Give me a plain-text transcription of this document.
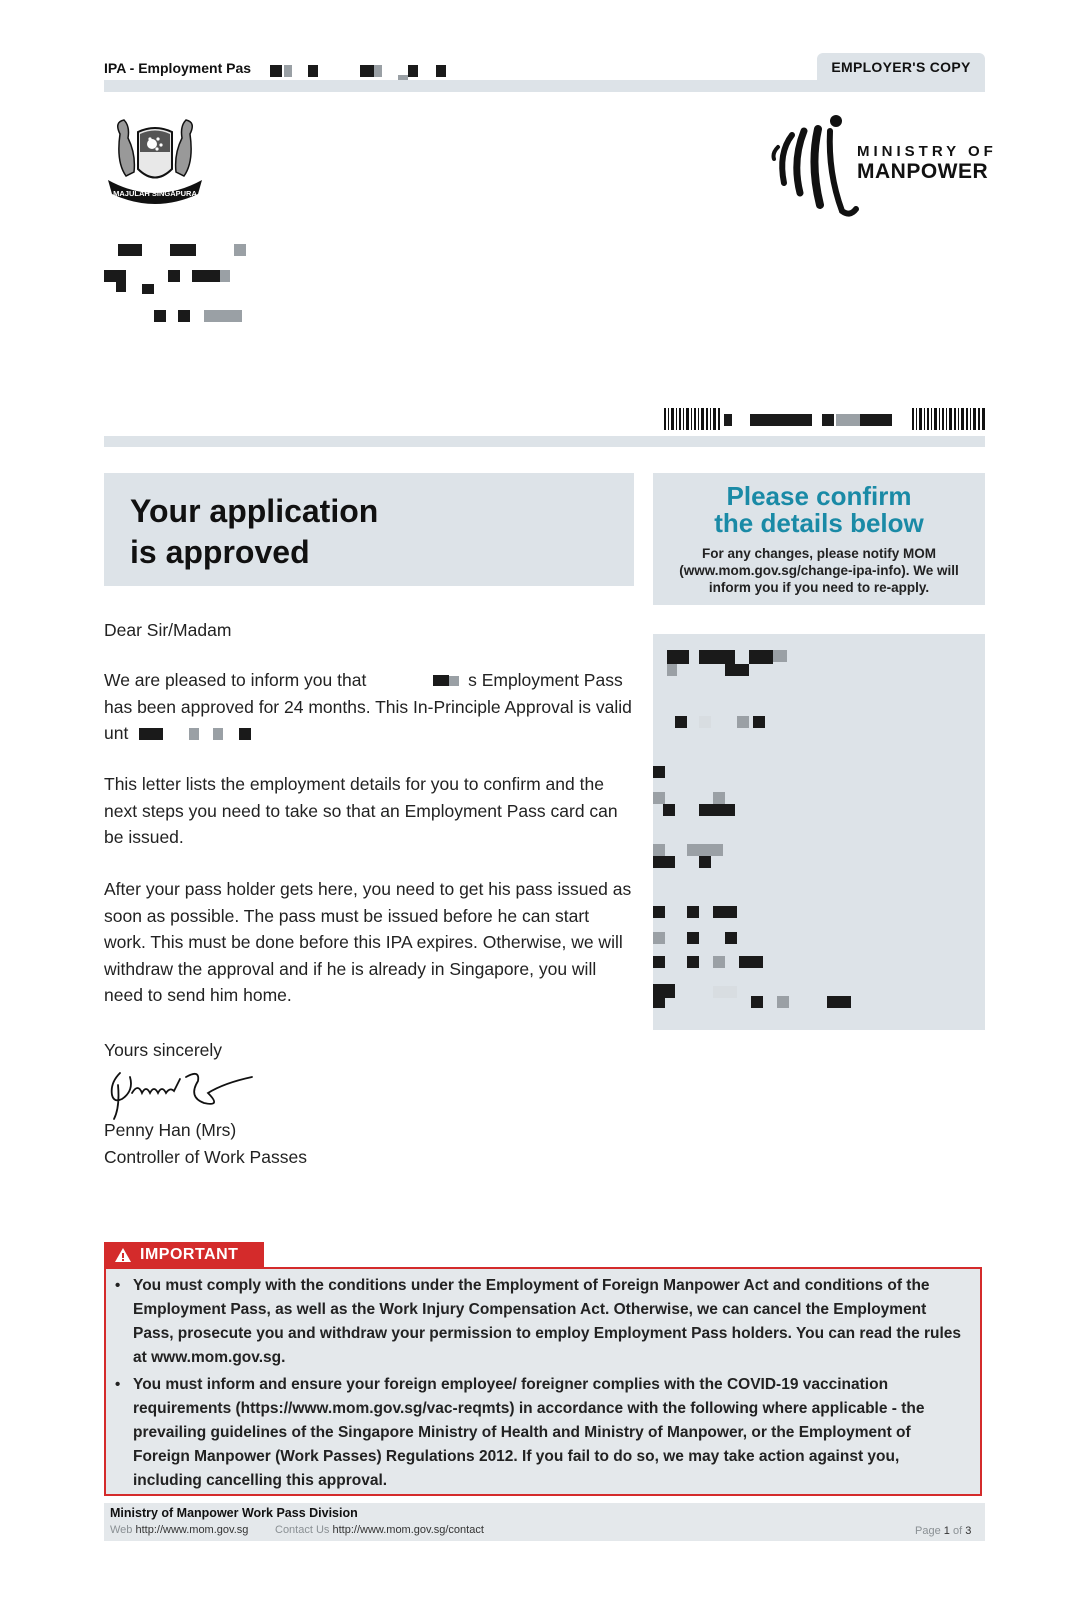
IPA - Employment Pas	EMPLOYER'S COPY
MAJULAH SINGAPURA
MINISTRY OF
MANPOWER
Your application
is approved
Please confirm
the details below
For any changes, please notify MOM (www.mom.gov.sg/change-ipa-info). We will inform you if you need to re-apply.
Dear Sir/Madam
We are pleased to inform you that	s Employment Pass has been approved for 24 months. This In-Principle Approval is valid unt
This letter lists the employment details for you to confirm and the next steps you need to take so that an Employment Pass card can be issued.
After your pass holder gets here, you need to get his pass issued as soon as possible. The pass must be issued before he can start work. This must be done before this IPA expires. Otherwise, we will withdraw the approval and if he is already in Singapore, you will need to send him home.
Yours sincerely
Penny Han (Mrs)
Controller of Work Passes
IMPORTANT
• You must comply with the conditions under the Employment of Foreign Manpower Act and conditions of the Employment Pass, as well as the Work Injury Compensation Act. Otherwise, we can cancel the Employment Pass, prosecute you and withdraw your permission to employ Employment Pass holders. You can read the rules at www.mom.gov.sg.
• You must inform and ensure your foreign employee/ foreigner complies with the COVID-19 vaccination requirements (https://www.mom.gov.sg/vac-reqmts) in accordance with the following where applicable - the prevailing guidelines of the Singapore Ministry of Health and Ministry of Manpower, or the Employment of Foreign Manpower (Work Passes) Regulations 2012. If you fail to do so, we may take action against you, including cancelling this approval.
Ministry of Manpower Work Pass Division
Web http://www.mom.gov.sg Contact Us http://www.mom.gov.sg/contact	Page 1 of 3
